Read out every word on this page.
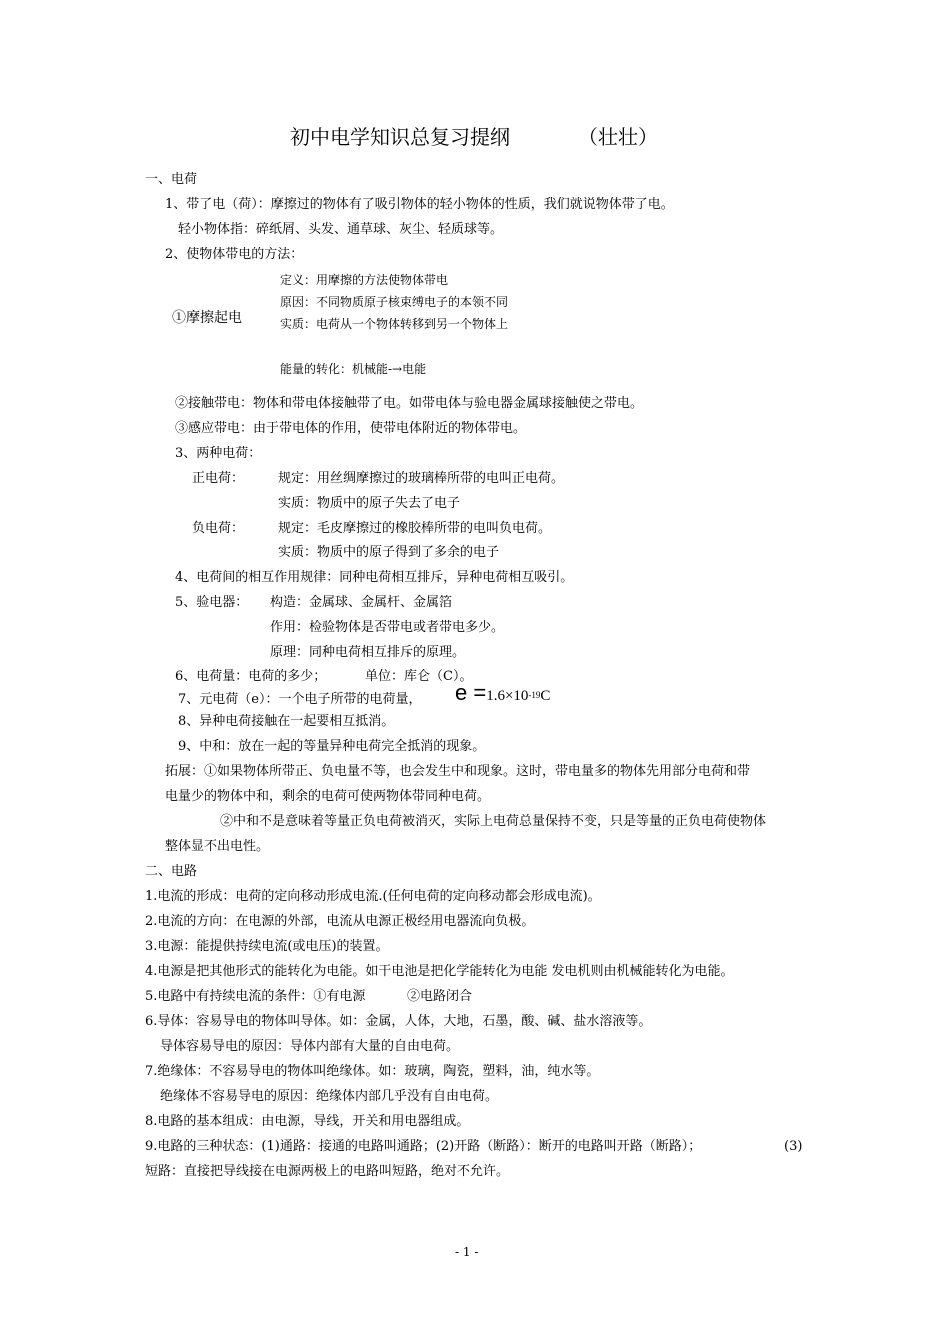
初中电学知识总复习提纲	（壮壮）
一、电荷
1、带了电（荷）：摩擦过的物体有了吸引物体的轻小物体的性质，我们就说物体带了电。
轻小物体指：碎纸屑、头发、通草球、灰尘、轻质球等。
2、使物体带电的方法：
定义：用摩擦的方法使物体带电
原因：不同物质原子核束缚电子的本领不同
①摩擦起电	实质：电荷从一个物体转移到另一个物体上
能量的转化：机械能-→电能
②接触带电：物体和带电体接触带了电。如带电体与验电器金属球接触使之带电。
③感应带电：由于带电体的作用，使带电体附近的物体带电。
3、两种电荷：
正电荷：	规定：用丝绸摩擦过的玻璃棒所带的电叫正电荷。
实质：物质中的原子失去了电子
负电荷：	规定：毛皮摩擦过的橡胶棒所带的电叫负电荷。
实质：物质中的原子得到了多余的电子
4、电荷间的相互作用规律：同种电荷相互排斥，异种电荷相互吸引。
5、验电器： 构造：金属球、金属杆、金属箔
作用：检验物体是否带电或者带电多少。
原理：同种电荷相互排斥的原理。
6、电荷量：电荷的多少；	单位：库仑（C）。
7、元电荷（e）：一个电子所带的电荷量， $e =1.6\times 10^{-19}C$
8、异种电荷接触在一起要相互抵消。
9、中和：放在一起的等量异种电荷完全抵消的现象。
拓展：①如果物体所带正、负电量不等，也会发生中和现象。这时，带电量多的物体先用部分电荷和带
电量少的物体中和，剩余的电荷可使两物体带同种电荷。
②中和不是意味着等量正负电荷被消灭，实际上电荷总量保持不变，只是等量的正负电荷使物体
整体显不出电性。
二、电路
1.电流的形成：电荷的定向移动形成电流.(任何电荷的定向移动都会形成电流)。
2.电流的方向：在电源的外部，电流从电源正极经用电器流向负极。
3.电源：能提供持续电流(或电压)的装置。
4.电源是把其他形式的能转化为电能。如干电池是把化学能转化为电能 发电机则由机械能转化为电能。
5.电路中有持续电流的条件：①有电源	②电路闭合
6.导体：容易导电的物体叫导体。如：金属，人体，大地，石墨，酸、碱、盐水溶液等。
导体容易导电的原因：导体内部有大量的自由电荷。
7.绝缘体：不容易导电的物体叫绝缘体。如：玻璃，陶瓷，塑料，油，纯水等。
绝缘体不容易导电的原因：绝缘体内部几乎没有自由电荷。
8.电路的基本组成：由电源，导线，开关和用电器组成。
9.电路的三种状态：(1)通路：接通的电路叫通路；(2)开路（断路）：断开的电路叫开路（断路）；	(3)
短路：直接把导线接在电源两极上的电路叫短路，绝对不允许。
- 1 -
